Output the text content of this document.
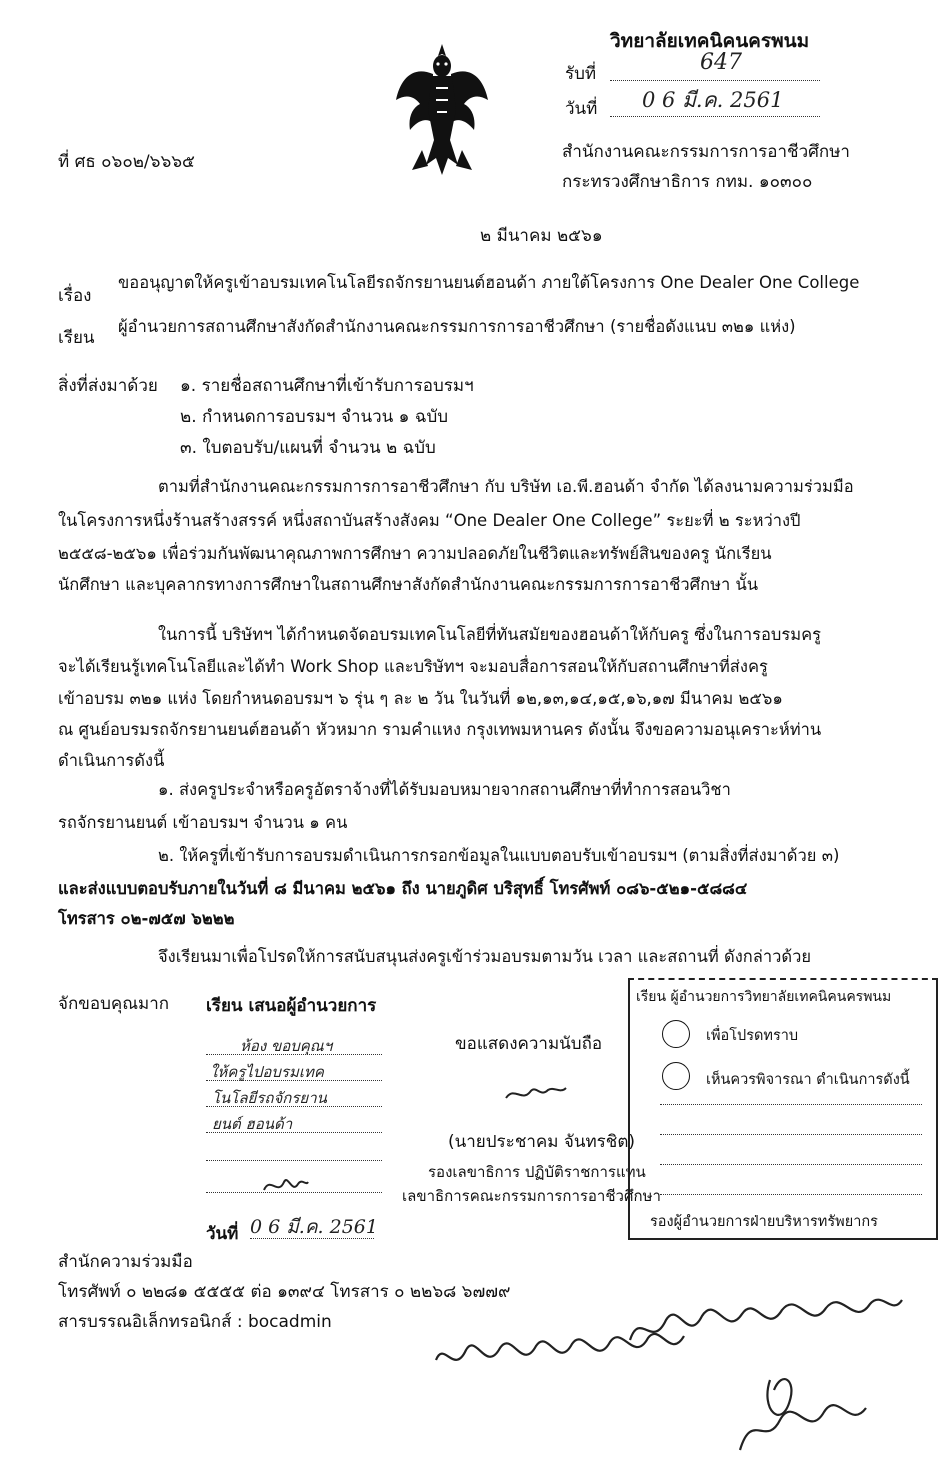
วิทยาลัยเทคนิคนครพนม
รับที่	647
วันที่ 0 6 มี.ค. 2561
ที่ ศธ ๐๖๐๒/๖๖๖๕	สำนักงานคณะกรรมการการอาชีวศึกษา
กระทรวงศึกษาธิการ กทม. ๑๐๓๐๐
๒ มีนาคม ๒๕๖๑
เรื่อง
ขออนุญาตให้ครูเข้าอบรมเทคโนโลยีรถจักรยานยนต์ฮอนด้า ภายใต้โครงการ One Dealer One College
เรียน
ผู้อำนวยการสถานศึกษาสังกัดสำนักงานคณะกรรมการการอาชีวศึกษา (รายชื่อดังแนบ ๓๒๑ แห่ง)
สิ่งที่ส่งมาด้วย ๑. รายชื่อสถานศึกษาที่เข้ารับการอบรมฯ
๒. กำหนดการอบรมฯ จำนวน ๑ ฉบับ
๓. ใบตอบรับ/แผนที่ จำนวน ๒ ฉบับ
ตามที่สำนักงานคณะกรรมการการอาชีวศึกษา กับ บริษัท เอ.พี.ฮอนด้า จำกัด ได้ลงนามความร่วมมือ
ในโครงการหนึ่งร้านสร้างสรรค์ หนึ่งสถาบันสร้างสังคม “One Dealer One College” ระยะที่ ๒ ระหว่างปี
๒๕๕๘-๒๕๖๑ เพื่อร่วมกันพัฒนาคุณภาพการศึกษา ความปลอดภัยในชีวิตและทรัพย์สินของครู นักเรียน
นักศึกษา และบุคลากรทางการศึกษาในสถานศึกษาสังกัดสำนักงานคณะกรรมการการอาชีวศึกษา นั้น
ในการนี้ บริษัทฯ ได้กำหนดจัดอบรมเทคโนโลยีที่ทันสมัยของฮอนด้าให้กับครู ซึ่งในการอบรมครู
จะได้เรียนรู้เทคโนโลยีและได้ทำ Work Shop และบริษัทฯ จะมอบสื่อการสอนให้กับสถานศึกษาที่ส่งครู
เข้าอบรม ๓๒๑ แห่ง โดยกำหนดอบรมฯ ๖ รุ่น ๆ ละ ๒ วัน ในวันที่ ๑๒,๑๓,๑๔,๑๕,๑๖,๑๗ มีนาคม ๒๕๖๑
ณ ศูนย์อบรมรถจักรยานยนต์ฮอนด้า หัวหมาก รามคำแหง กรุงเทพมหานคร ดังนั้น จึงขอความอนุเคราะห์ท่าน
ดำเนินการดังนี้
๑. ส่งครูประจำหรือครูอัตราจ้างที่ได้รับมอบหมายจากสถานศึกษาที่ทำการสอนวิชา
รถจักรยานยนต์ เข้าอบรมฯ จำนวน ๑ คน
๒. ให้ครูที่เข้ารับการอบรมดำเนินการกรอกข้อมูลในแบบตอบรับเข้าอบรมฯ (ตามสิ่งที่ส่งมาด้วย ๓)
และส่งแบบตอบรับภายในวันที่ ๘ มีนาคม ๒๕๖๑ ถึง นายภูดิศ บริสุทธิ์ โทรศัพท์ ๐๘๖-๕๒๑-๕๘๘๔
โทรสาร ๐๒-๗๕๗ ๖๒๒๒
จึงเรียนมาเพื่อโปรดให้การสนับสนุนส่งครูเข้าร่วมอบรมตามวัน เวลา และสถานที่ ดังกล่าวด้วย
จักขอบคุณมาก เรียน เสนอผู้อำนวยการ
ห้อง ขอบคุณฯ
ให้ครูไปอบรมเทค
โนโลยีรถจักรยาน
ยนต์ ฮอนด้า
วันที่ 0 6 มี.ค. 2561
ขอแสดงความนับถือ
(นายประชาคม จันทรชิต)
รองเลขาธิการ ปฏิบัติราชการแทน
เลขาธิการคณะกรรมการการอาชีวศึกษา
เรียน ผู้อำนวยการวิทยาลัยเทคนิคนครพนม
เพื่อโปรดทราบ
เห็นควรพิจารณา ดำเนินการดังนี้
รองผู้อำนวยการฝ่ายบริหารทรัพยากร
สำนักความร่วมมือ
โทรศัพท์ ๐ ๒๒๘๑ ๕๕๕๕ ต่อ ๑๓๙๔ โทรสาร ๐ ๒๒๖๘ ๖๗๗๙
สารบรรณอิเล็กทรอนิกส์ : bocadmin
